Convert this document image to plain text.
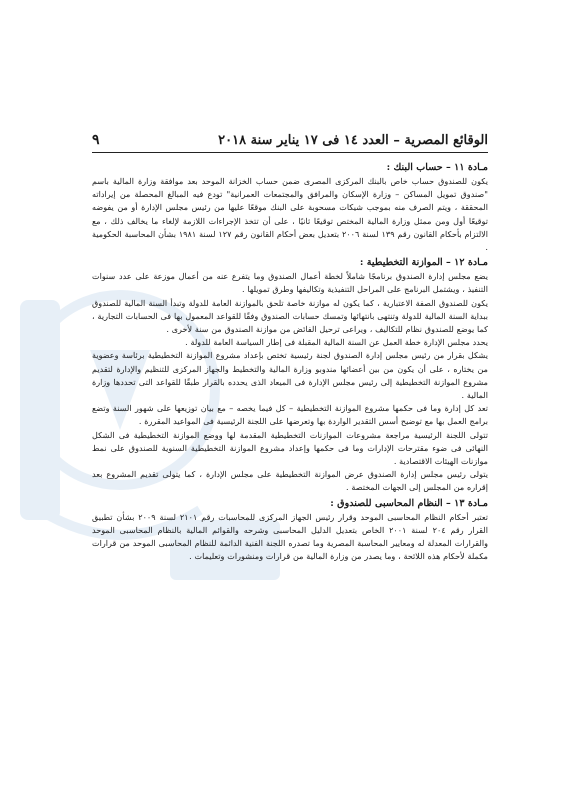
الوقائع المصرية – العدد ١٤ فى ١٧ يناير سنة ٢٠١٨
٩
مـادة ١١ – حساب البنك :

يكون للصندوق حساب خاص بالبنك المركزى المصرى ضمن حساب الخزانة الموحد بعد موافقة وزارة المالية باسم "صندوق تمويل المساكن – وزارة الإسكان والمرافق والمجتمعات العمرانية" تودع فيه المبالغ المحصلة من إيراداته المحققة ، ويتم الصرف منه بموجب شيكات مسحوبة على البنك موقعًا عليها من رئيس مجلس الإدارة أو من يفوضه توقيعًا أول ومن ممثل وزارة المالية المختص توقيعًا ثانيًا ، على أن تتخذ الإجراءات اللازمة لإلغاء ما يخالف ذلك ، مع الالتزام بأحكام القانون رقم ١٣٩ لسنة ٢٠٠٦ بتعديل بعض أحكام القانون رقم ١٢٧ لسنة ١٩٨١ بشأن المحاسبة الحكومية .

مـادة ١٢ – الموازنة التخطيطية :

يضع مجلس إدارة الصندوق برنامجًا شاملاً لخطة أعمال الصندوق وما يتفرع عنه من أعمال موزعة على عدد سنوات التنفيذ ، ويشتمل البرنامج على المراحل التنفيذية وتكاليفها وطرق تمويلها .

يكون للصندوق الصفة الاعتبارية ، كما يكون له موازنة خاصة تلحق بالموازنة العامة للدولة وتبدأ السنة المالية للصندوق ببداية السنة المالية للدولة وتنتهى بانتهائها وتمسك حسابات الصندوق وفقًا للقواعد المعمول بها فى الحسابات التجارية ، كما يوضع للصندوق نظام للتكاليف ، ويراعى ترحيل الفائض من موازنة الصندوق من سنة لأخرى .

يحدد مجلس الإدارة خطة العمل عن السنة المالية المقبلة فى إطار السياسة العامة للدولة .

يشكل بقرار من رئيس مجلس إدارة الصندوق لجنة رئيسية تختص بإعداد مشروع الموازنة التخطيطية برئاسة وعضوية من يختاره ، على أن يكون من بين أعضائها مندوبو وزارة المالية والتخطيط والجهاز المركزى للتنظيم والإدارة لتقديم مشروع الموازنة التخطيطية إلى رئيس مجلس الإدارة فى الميعاد الذى يحدده بالقرار طبقًا للقواعد التى تحددها وزارة المالية .

تعد كل إدارة وما فى حكمها مشروع الموازنة التخطيطية – كل فيما يخصه – مع بيان توزيعها على شهور السنة وتضع برامج العمل بها مع توضيح أسس التقدير الواردة بها وتعرضها على اللجنة الرئيسية فى المواعيد المقررة .

تتولى اللجنة الرئيسية مراجعة مشروعات الموازنات التخطيطية المقدمة لها ووضع الموازنة التخطيطية فى الشكل النهائى فى ضوء مقترحات الإدارات وما فى حكمها وإعداد مشروع الموازنة التخطيطية السنوية للصندوق على نمط موازنات الهيئات الاقتصادية .

يتولى رئيس مجلس إدارة الصندوق عرض الموازنة التخطيطية على مجلس الإدارة ، كما يتولى تقديم المشروع بعد إقراره من المجلس إلى الجهات المختصة .

مـادة ١٣ – النظام المحاسبى للصندوق :

تعتبر أحكام النظام المحاسبى الموحد وقرار رئيس الجهاز المركزى للمحاسبات رقم ٢١٠١ لسنة ٢٠٠٩ بشأن تطبيق القرار رقم ٢٠٤ لسنة ٢٠٠١ الخاص بتعديل الدليل المحاسبى وشرحه والقوائم المالية بالنظام المحاسبى الموحد والقرارات المعدلة له ومعايير المحاسبة المصرية وما تصدره اللجنة الفنية الدائمة للنظام المحاسبى الموحد من قرارات مكملة لأحكام هذه اللائحة ، وما يصدر من وزارة المالية من قرارات ومنشورات وتعليمات .
